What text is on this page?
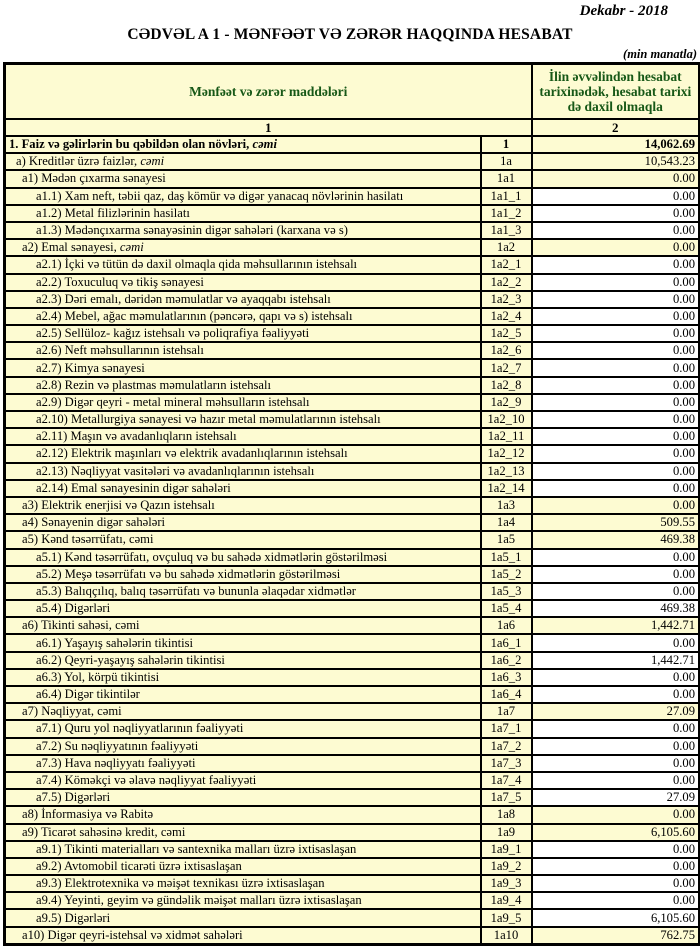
Dekabr - 2018
CƏDVƏL A 1 - MƏNFƏƏT VƏ ZƏRƏR HAQQINDA HESABAT
(min manatla)
Mənfəət və zərər maddələri		İlin əvvəlindən hesabat tarixinədək, hesabat tarixi də daxil olmaqla
1		2
1. Faiz və gəlirlərin bu qəbildən olan növləri, cəmi	1	14,062.69
a) Kreditlər üzrə faizlər, cəmi	1a	10,543.23
a1) Mədən çıxarma sənayesi	1a1	0.00
a1.1) Xam neft, təbii qaz, daş kömür və digər yanacaq növlərinin hasilatı	1a1_1	0.00
a1.2) Metal filizlərinin hasilatı	1a1_2	0.00
a1.3) Mədənçıxarma sənayəsinin digər sahələri (karxana və s)	1a1_3	0.00
a2) Emal sənayesi, cəmi	1a2	0.00
a2.1) İçki və tütün də daxil olmaqla qida məhsullarının istehsalı	1a2_1	0.00
a2.2) Toxuculuq və tikiş sənayesi	1a2_2	0.00
a2.3) Dəri emalı, dəridən məmulatlar və ayaqqabı istehsalı	1a2_3	0.00
a2.4) Mebel, ağac məmulatlarının (pəncərə, qapı və s) istehsalı	1a2_4	0.00
a2.5) Sellüloz- kağız istehsalı və poliqrafiya fəaliyyəti	1a2_5	0.00
a2.6) Neft məhsullarının istehsalı	1a2_6	0.00
a2.7) Kimya sənayesi	1a2_7	0.00
a2.8) Rezin və plastmas məmulatların istehsalı	1a2_8	0.00
a2.9) Digər qeyri - metal mineral məhsulların istehsalı	1a2_9	0.00
a2.10) Metallurgiya sənayesi və hazır metal məmulatlarının istehsalı	1a2_10	0.00
a2.11) Maşın və avadanlıqların istehsalı	1a2_11	0.00
a2.12) Elektrik maşınları və elektrik avadanlıqlarının istehsalı	1a2_12	0.00
a2.13) Nəqliyyat vasitələri və avadanlıqlarının istehsalı	1a2_13	0.00
a2.14) Emal sənayesinin digər sahələri	1a2_14	0.00
a3) Elektrik enerjisi və Qazın istehsalı	1a3	0.00
a4) Sənayenin digər sahələri	1a4	509.55
a5) Kənd təsərrüfatı, cəmi	1a5	469.38
a5.1) Kənd təsərrüfatı, ovçuluq və bu sahədə xidmətlərin göstərilməsi	1a5_1	0.00
a5.2) Meşə təsərrüfatı və bu sahədə xidmətlərin göstərilməsi	1a5_2	0.00
a5.3) Balıqçılıq, balıq təsərrüfatı və bununla əlaqədar xidmətlər	1a5_3	0.00
a5.4) Digərləri	1a5_4	469.38
a6) Tikinti sahəsi, cəmi	1a6	1,442.71
a6.1) Yaşayış sahələrin tikintisi	1a6_1	0.00
a6.2) Qeyri-yaşayış sahələrin tikintisi	1a6_2	1,442.71
a6.3) Yol, körpü tikintisi	1a6_3	0.00
a6.4) Digər tikintilər	1a6_4	0.00
a7) Nəqliyyat, cəmi	1a7	27.09
a7.1) Quru yol nəqliyyatlarının fəaliyyəti	1a7_1	0.00
a7.2) Su nəqliyyatının fəaliyyəti	1a7_2	0.00
a7.3) Hava nəqliyyatı fəaliyyəti	1a7_3	0.00
a7.4) Köməkçi və əlavə nəqliyyat fəaliyyəti	1a7_4	0.00
a7.5) Digərləri	1a7_5	27.09
a8) İnformasiya və Rabitə	1a8	0.00
a9) Ticarət sahəsinə kredit, cəmi	1a9	6,105.60
a9.1) Tikinti materialları və santexnika malları üzrə ixtisaslaşan	1a9_1	0.00
a9.2) Avtomobil ticarəti üzrə ixtisaslaşan	1a9_2	0.00
a9.3) Elektrotexnika və məişət texnikası üzrə ixtisaslaşan	1a9_3	0.00
a9.4) Yeyinti, geyim və gündəlik məişət malları üzrə ixtisaslaşan	1a9_4	0.00
a9.5) Digərləri	1a9_5	6,105.60
a10) Digər qeyri-istehsal və xidmət sahələri	1a10	762.75
